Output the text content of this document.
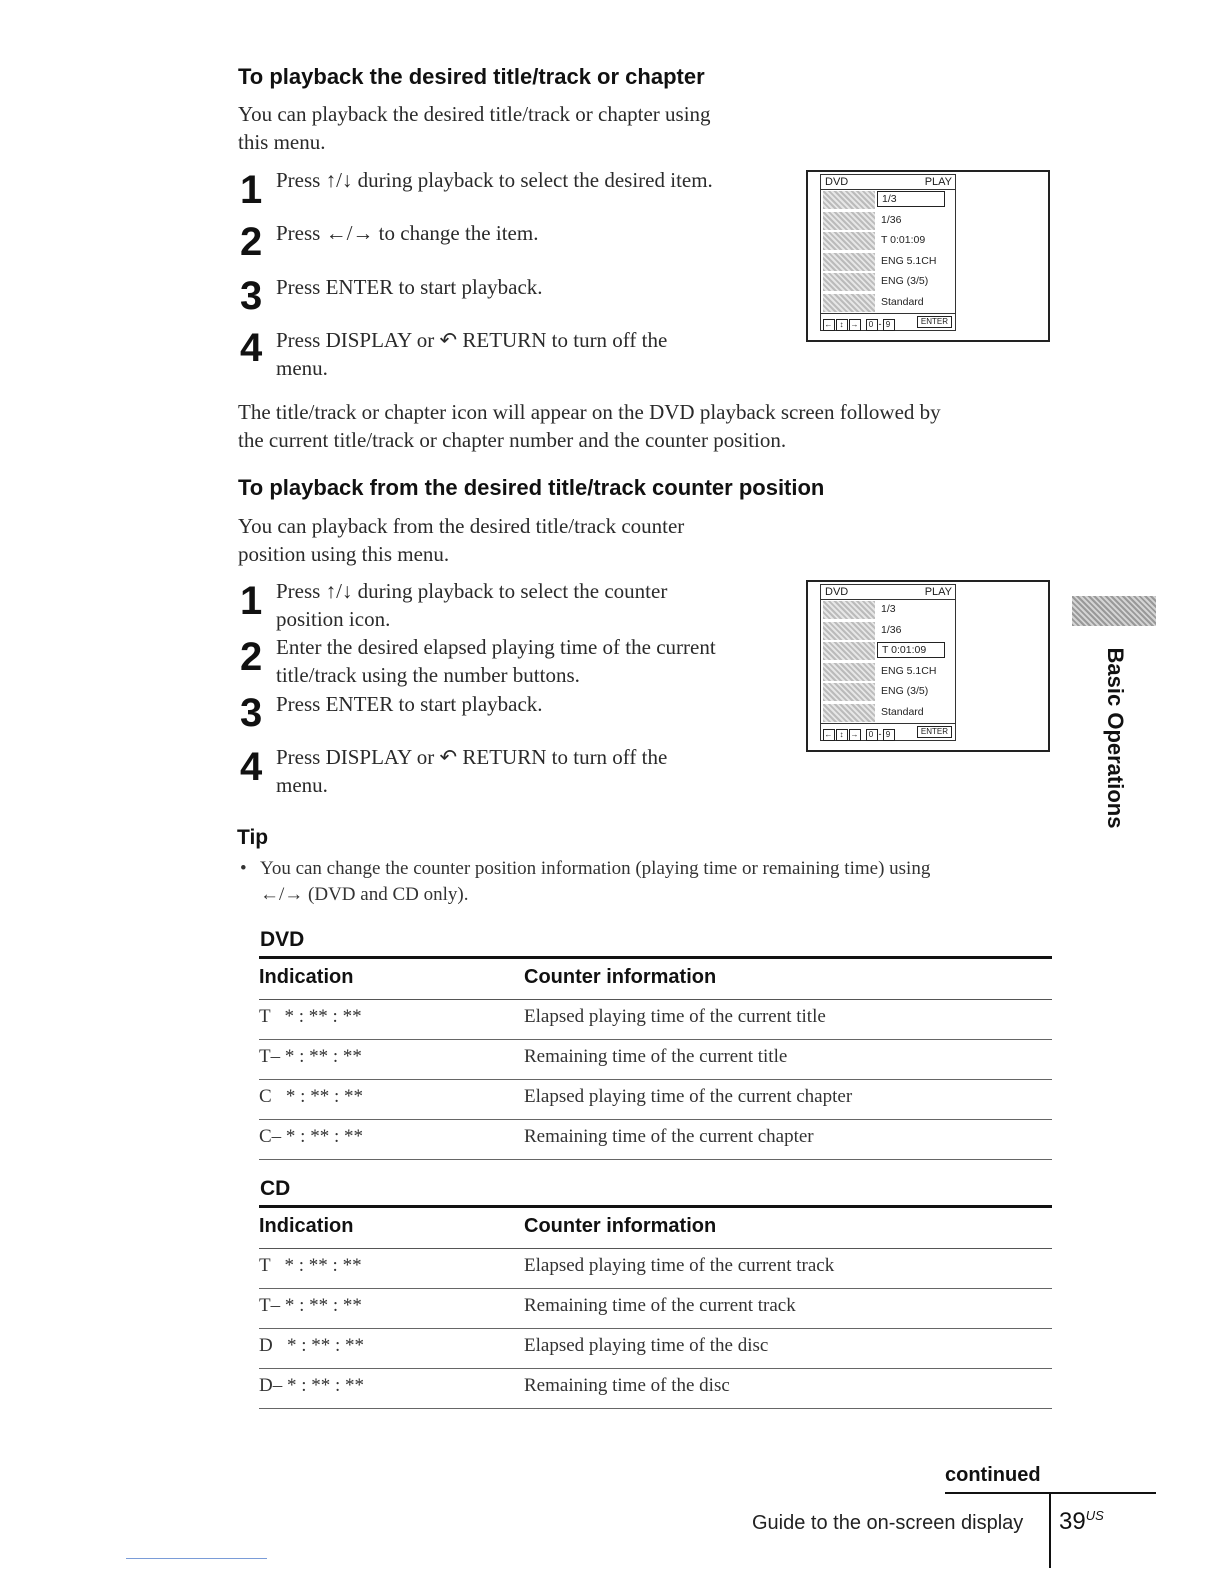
To playback the desired title/track or chapter
You can playback the desired title/track or chapter using
this menu.
1 Press ↑/↓ during playback to select the desired item.
2 Press ←/→ to change the item.
3 Press ENTER to start playback.
4 Press DISPLAY or ↶ RETURN to turn off the
menu.
DVD	PLAY
1/3
1/36
T 0:01:09
ENG 5.1CH
ENG (3/5)
Standard
← ↕ → 0 - 9	ENTER
The title/track or chapter icon will appear on the DVD playback screen followed by
the current title/track or chapter number and the counter position.
To playback from the desired title/track counter position
You can playback from the desired title/track counter
position using this menu.
1 Press ↑/↓ during playback to select the counter
position icon.
2 Enter the desired elapsed playing time of the current
title/track using the number buttons.
3 Press ENTER to start playback.
4 Press DISPLAY or ↶ RETURN to turn off the
menu.
DVD	PLAY
1/3
1/36
T 0:01:09
ENG 5.1CH
ENG (3/5)
Standard
← ↕ → 0 - 9	ENTER	Basic Operations
Tip
• You can change the counter position information (playing time or remaining time) using
←/→ (DVD and CD only).
DVD
Indication	Counter information
T   * : ** : **	Elapsed playing time of the current title
T– * : ** : **	Remaining time of the current title
C   * : ** : **	Elapsed playing time of the current chapter
C– * : ** : **	Remaining time of the current chapter
CD
Indication	Counter information
T   * : ** : **	Elapsed playing time of the current track
T– * : ** : **	Remaining time of the current track
D   * : ** : **	Elapsed playing time of the disc
D– * : ** : **	Remaining time of the disc
continued
Guide to the on-screen display $39^{US}$
